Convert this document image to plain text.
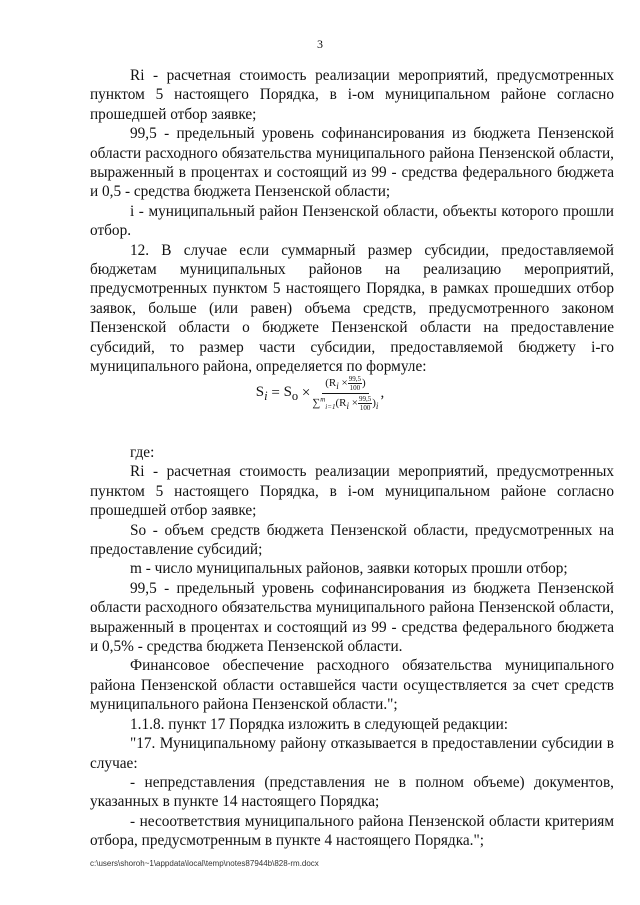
3

Ri - расчетная стоимость реализации мероприятий, предусмотренных пунктом 5 настоящего Порядка, в i-ом муниципальном районе согласно прошедшей отбор заявке;

99,5 - предельный уровень софинансирования из бюджета Пензенской области расходного обязательства муниципального района Пензенской области, выраженный в процентах и состоящий из 99 - средства федерального бюджета и 0,5 - средства бюджета Пензенской области;

i - муниципальный район Пензенской области, объекты которого прошли отбор.

12. В случае если суммарный размер субсидии, предоставляемой бюджетам муниципальных районов на реализацию мероприятий, предусмотренных пунктом 5 настоящего Порядка, в рамках прошедших отбор заявок, больше (или равен) объема средств, предусмотренного законом Пензенской области о бюджете Пензенской области на предоставление субсидий, то размер части субсидии, предоставляемой бюджету i-го муниципального района, определяется по формуле:

$S_i$
=
$S_o$
× $\frac{(R_i \times \frac{99,5}{100} )}{\sum^m_{i=1}(R_i \times \frac{99,5}{100} )_i}$ ,

где:

Ri - расчетная стоимость реализации мероприятий, предусмотренных пунктом 5 настоящего Порядка, в i-ом муниципальном районе согласно прошедшей отбор заявке;

So - объем средств бюджета Пензенской области, предусмотренных на предоставление субсидий;

m - число муниципальных районов, заявки которых прошли отбор;

99,5 - предельный уровень софинансирования из бюджета Пензенской области расходного обязательства муниципального района Пензенской области, выраженный в процентах и состоящий из 99 - средства федерального бюджета и 0,5% - средства бюджета Пензенской области.

Финансовое обеспечение расходного обязательства муниципального района Пензенской области оставшейся части осуществляется за счет средств муниципального района Пензенской области.";

1.1.8. пункт 17 Порядка изложить в следующей редакции:

"17. Муниципальному району отказывается в предоставлении субсидии в случае:

- непредставления (представления не в полном объеме) документов, указанных в пункте 14 настоящего Порядка;

- несоответствия муниципального района Пензенской области критериям отбора, предусмотренным в пункте 4 настоящего Порядка.";

c:\users\shoroh~1\appdata\local\temp\notes87944b\828-rm.docx
